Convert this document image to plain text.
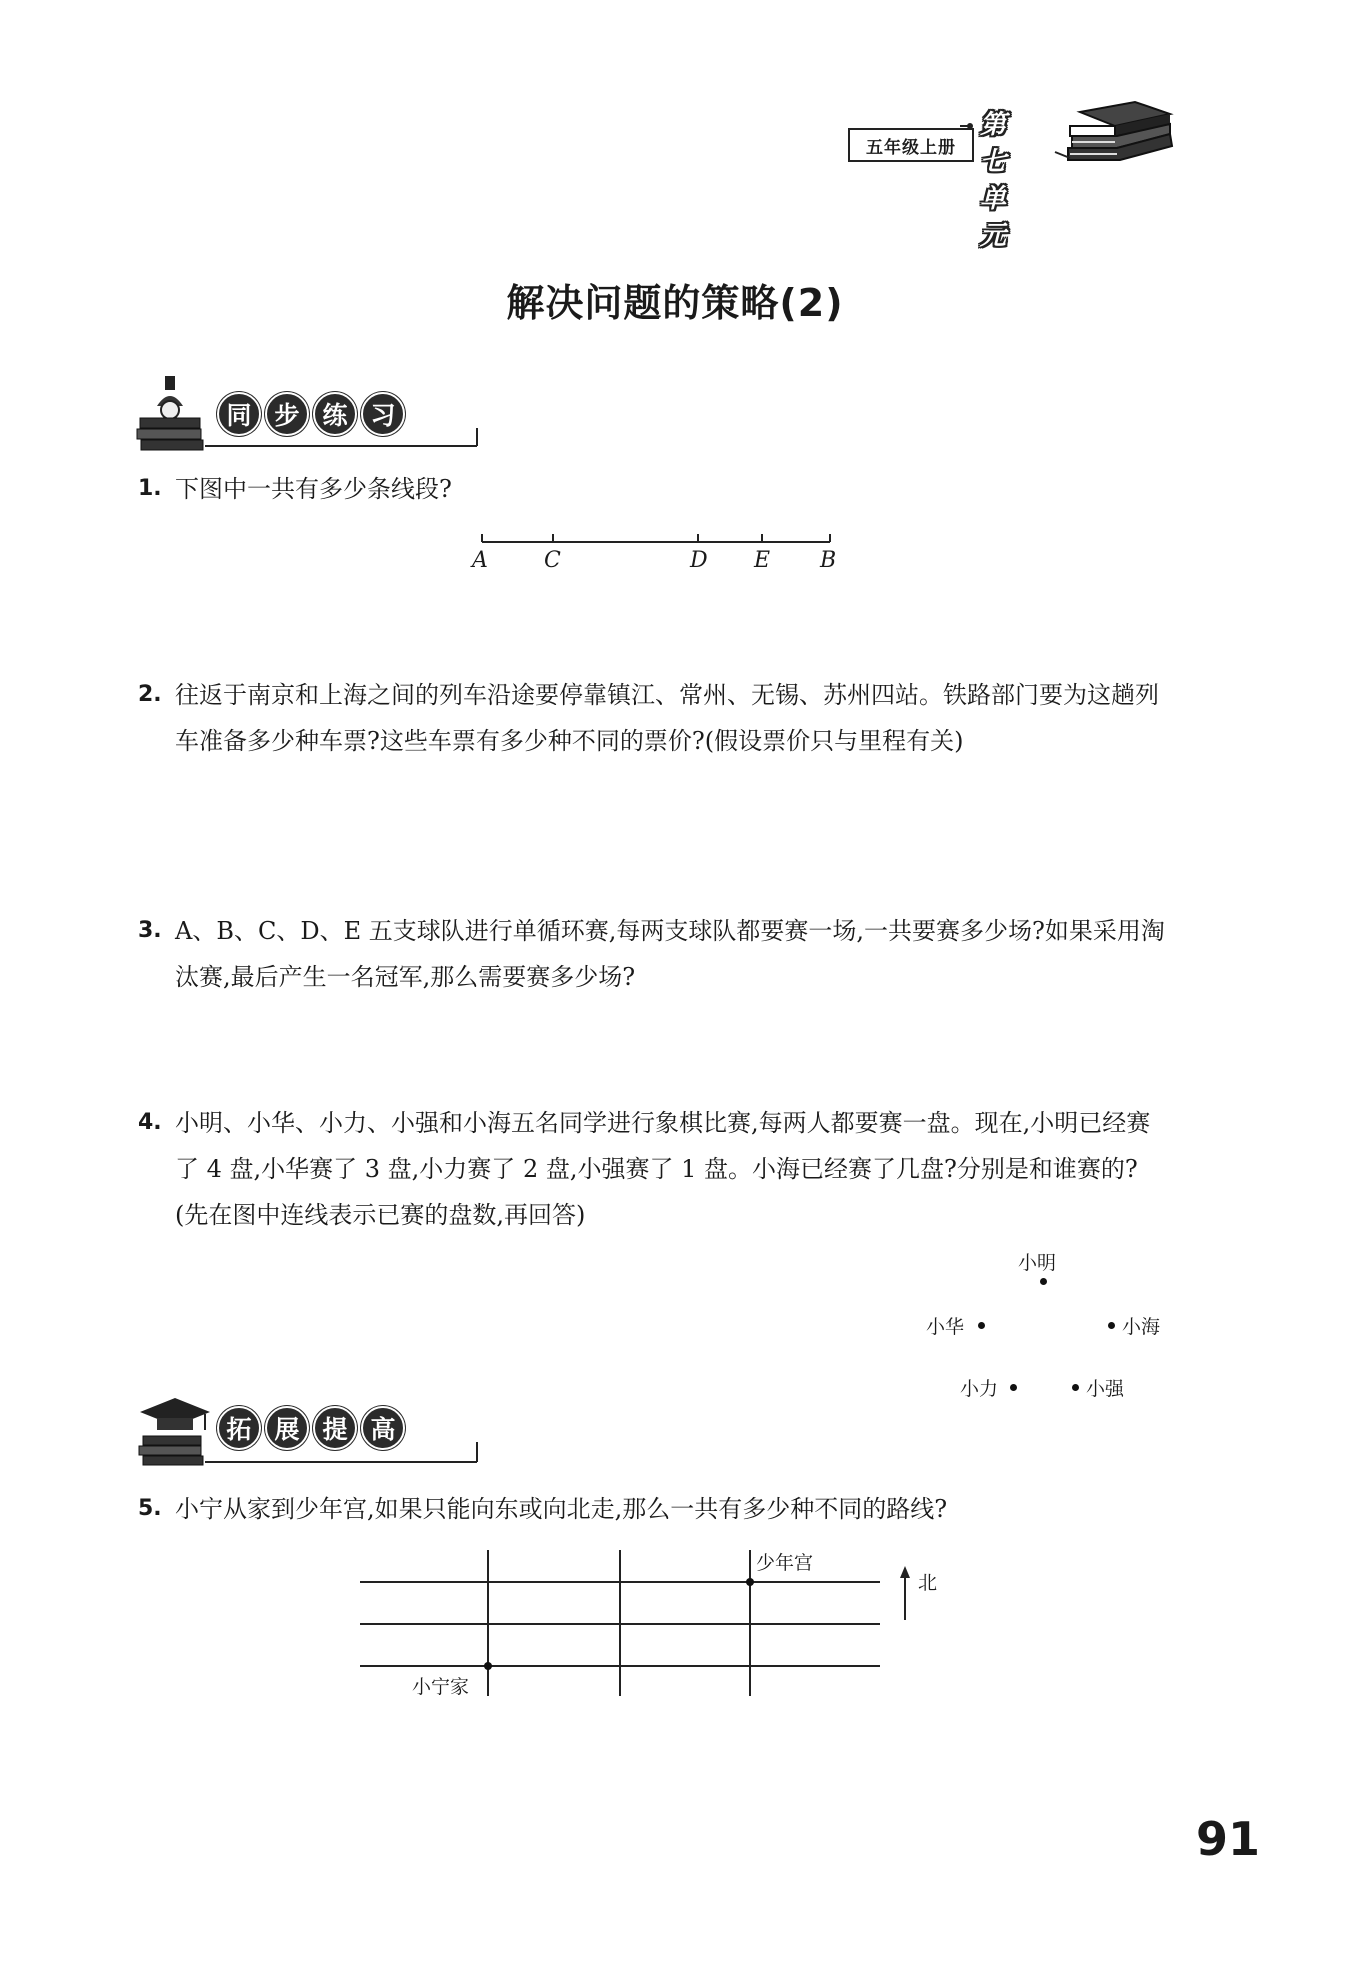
第七单元
五年级上册
解决问题的策略(2)
同 步 练 习
1. 下图中一共有多少条线段?
A	C	D E B
2. 往返于南京和上海之间的列车沿途要停靠镇江、常州、无锡、苏州四站。铁路部门要为这趟列车准备多少种车票?这些车票有多少种不同的票价?(假设票价只与里程有关)
3. A、B、C、D、E 五支球队进行单循环赛,每两支球队都要赛一场,一共要赛多少场?如果采用淘汰赛,最后产生一名冠军,那么需要赛多少场?
4. 小明、小华、小力、小强和小海五名同学进行象棋比赛,每两人都要赛一盘。现在,小明已经赛了 4 盘,小华赛了 3 盘,小力赛了 2 盘,小强赛了 1 盘。小海已经赛了几盘?分别是和谁赛的?(先在图中连线表示已赛的盘数,再回答)
小明
小华	小海
小力	小强
拓 展 提 高
5. 小宁从家到少年宫,如果只能向东或向北走,那么一共有多少种不同的路线?
少年宫
小宁家
北
91
